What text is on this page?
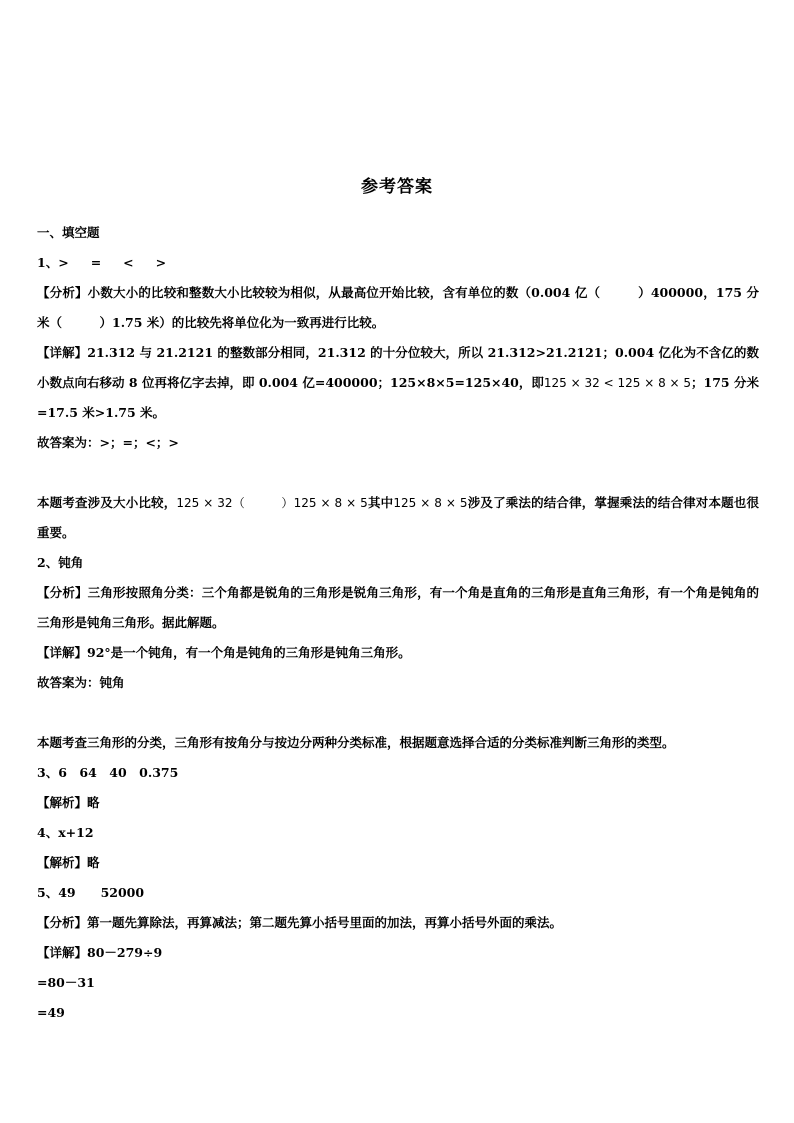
参考答案
一、填空题
1、> = < >
【分析】小数大小的比较和整数大小比较较为相似，从最高位开始比较，含有单位的数（0.004 亿（　　　）400000，175 分米（　　　）1.75 米）的比较先将单位化为一致再进行比较。
【详解】21.312 与 21.2121 的整数部分相同，21.312 的十分位较大，所以 21.312>21.2121；0.004 亿化为不含亿的数小数点向右移动 8 位再将亿字去掉，即 0.004 亿=400000；125×8×5=125×40，即125 × 32 < 125 × 8 × 5；175 分米=17.5 米>1.75 米。
故答案为：>；=；<；>
本题考查涉及大小比较，125 × 32（　　　）125 × 8 × 5其中125 × 8 × 5涉及了乘法的结合律，掌握乘法的结合律对本题也很重要。
2、钝角
【分析】三角形按照角分类：三个角都是锐角的三角形是锐角三角形，有一个角是直角的三角形是直角三角形，有一个角是钝角的三角形是钝角三角形。据此解题。
【详解】92°是一个钝角，有一个角是钝角的三角形是钝角三角形。
故答案为：钝角
本题考查三角形的分类，三角形有按角分与按边分两种分类标准，根据题意选择合适的分类标准判断三角形的类型。
3、6　64　40　0.375
【解析】略
4、x+12
【解析】略
5、49　　52000
【分析】第一题先算除法，再算减法；第二题先算小括号里面的加法，再算小括号外面的乘法。
【详解】80－279÷9
=80－31
=49
